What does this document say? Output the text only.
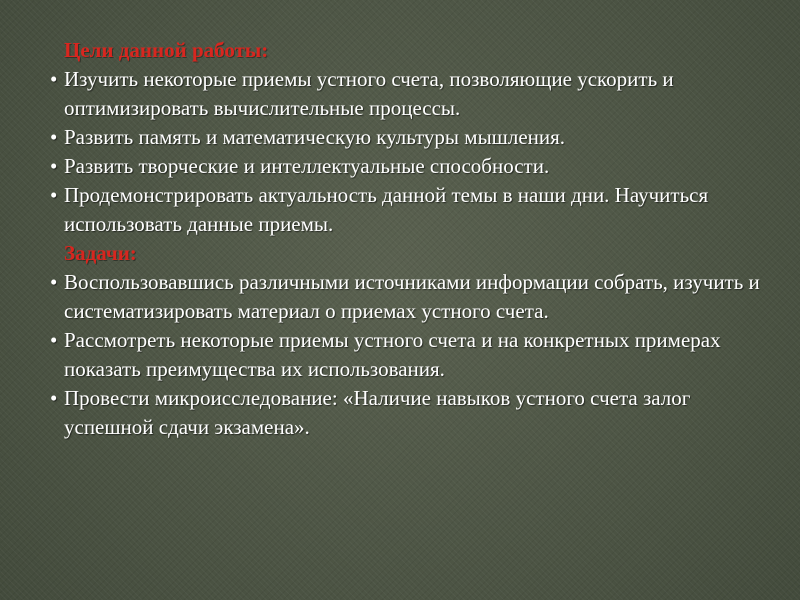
Цели данной работы:

• Изучить некоторые приемы устного счета, позволяющие ускорить и оптимизировать вычислительные процессы.

• Развить память и математическую культуры мышления.

• Развить творческие и интеллектуальные способности.

• Продемонстрировать актуальность данной темы в наши дни. Научиться использовать данные приемы.

Задачи:

• Воспользовавшись различными источниками информации собрать, изучить и систематизировать материал о приемах устного счета.

• Рассмотреть некоторые приемы устного счета и на конкретных примерах показать преимущества их использования.

• Провести микроисследование: «Наличие навыков устного счета залог успешной сдачи экзамена».
